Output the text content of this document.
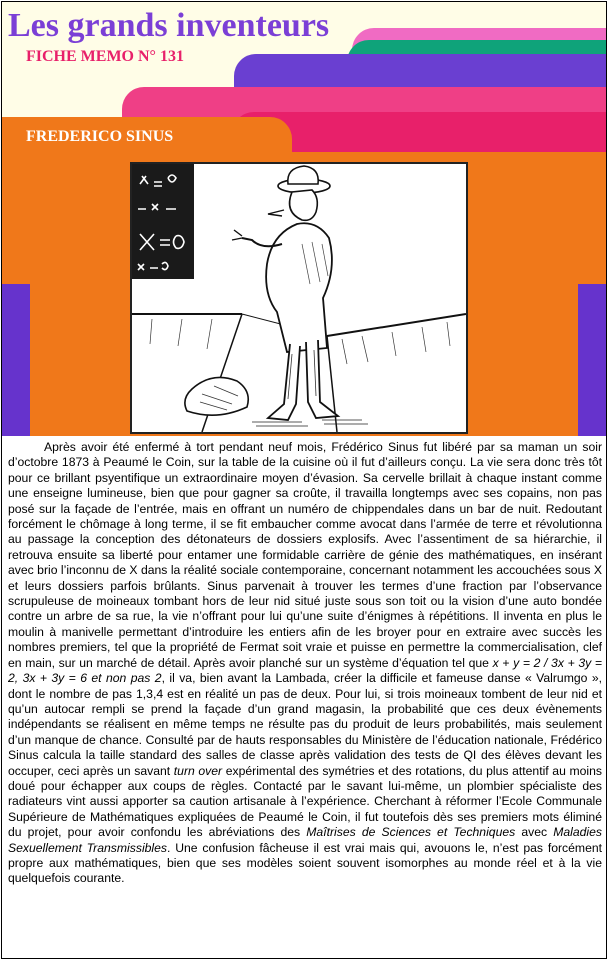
Les grands inventeurs
FICHE MEMO N° 131
FREDERICO SINUS

Après avoir été enfermé à tort pendant neuf mois, Frédérico Sinus fut libéré par sa maman un soir d’octobre 1873 à Peaumé le Coin, sur la table de la cuisine où il fut d’ailleurs conçu. La vie sera donc très tôt pour ce brillant psyentifique un extraordinaire moyen d’évasion. Sa cervelle brillait à chaque instant comme une enseigne lumineuse, bien que pour gagner sa croûte, il travailla longtemps avec ses copains, non pas posé sur la façade de l’entrée, mais en offrant un numéro de chippendales dans un bar de nuit. Redoutant forcément le chômage à long terme, il se fit embaucher comme avocat dans l’armée de terre et révolutionna au passage la conception des détonateurs de dossiers explosifs. Avec l’assentiment de sa hiérarchie, il retrouva ensuite sa liberté pour entamer une formidable carrière de génie des mathématiques, en insérant avec brio l’inconnu de X dans la réalité sociale contemporaine, concernant notamment les accouchées sous X et leurs dossiers parfois brûlants. Sinus parvenait à trouver les termes d’une fraction par l’observance scrupuleuse de moineaux tombant hors de leur nid situé juste sous son toit ou la vision d’une auto bondée contre un arbre de sa rue, la vie n’offrant pour lui qu’une suite d’énigmes à répétitions. Il inventa en plus le moulin à manivelle permettant d’introduire les entiers afin de les broyer pour en extraire avec succès les nombres premiers, tel que la propriété de Fermat soit vraie et puisse en permettre la commercialisation, clef en main, sur un marché de détail. Après avoir planché sur un système d’équation tel que x + y = 2 / 3x + 3y = 2, 3x + 3y = 6 et non pas 2, il va, bien avant la Lambada, créer la difficile et fameuse danse « Valrumgo », dont le nombre de pas 1,3,4 est en réalité un pas de deux. Pour lui, si trois moineaux tombent de leur nid et qu’un autocar rempli se prend la façade d’un grand magasin, la probabilité que ces deux évènements indépendants se réalisent en même temps ne résulte pas du produit de leurs probabilités, mais seulement d’un manque de chance. Consulté par de hauts responsables du Ministère de l’éducation nationale, Frédérico Sinus calcula la taille standard des salles de classe après validation des tests de QI des élèves devant les occuper, ceci après un savant turn over expérimental des symétries et des rotations, du plus attentif au moins doué pour échapper aux coups de règles. Contacté par le savant lui-même, un plombier spécialiste des radiateurs vint aussi apporter sa caution artisanale à l’expérience. Cherchant à réformer l’Ecole Communale Supérieure de Mathématiques expliquées de Peaumé le Coin, il fut toutefois dès ses premiers mots éliminé du projet, pour avoir confondu les abréviations des Maîtrises de Sciences et Techniques avec Maladies Sexuellement Transmissibles. Une confusion fâcheuse il est vrai mais qui, avouons le, n’est pas forcément propre aux mathématiques, bien que ses modèles soient souvent isomorphes au monde réel et à la vie quelquefois courante.
